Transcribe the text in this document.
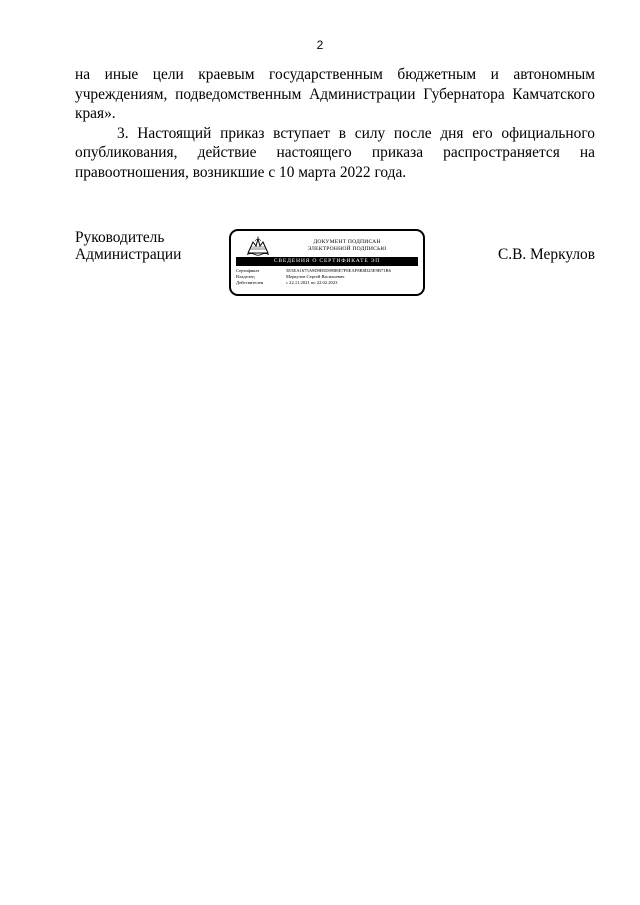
2

на иные цели краевым государственным бюджетным и автономным
учреждениям, подведомственным Администрации Губернатора Камчатского
края».

3. Настоящий приказ вступает в силу после дня его официального
опубликования, действие настоящего приказа распространяется на
правоотношения, возникшие с 10 марта 2022 года.

Руководитель
Администрации
ДОКУМЕНТ ПОДПИСАН
ЭЛЕКТРОННОЙ ПОДПИСЬЮ
СВЕДЕНИЯ О СЕРТИФИКАТЕ ЭП
Сертификат	5E3EA1675A9D9B5D09B8E7F8EAF8B8D25E9B71B6
Владелец	Меркулов Сергей Васильевич
Действителен	с 22.11.2021 по 22.02.2023
С.В. Меркулов
